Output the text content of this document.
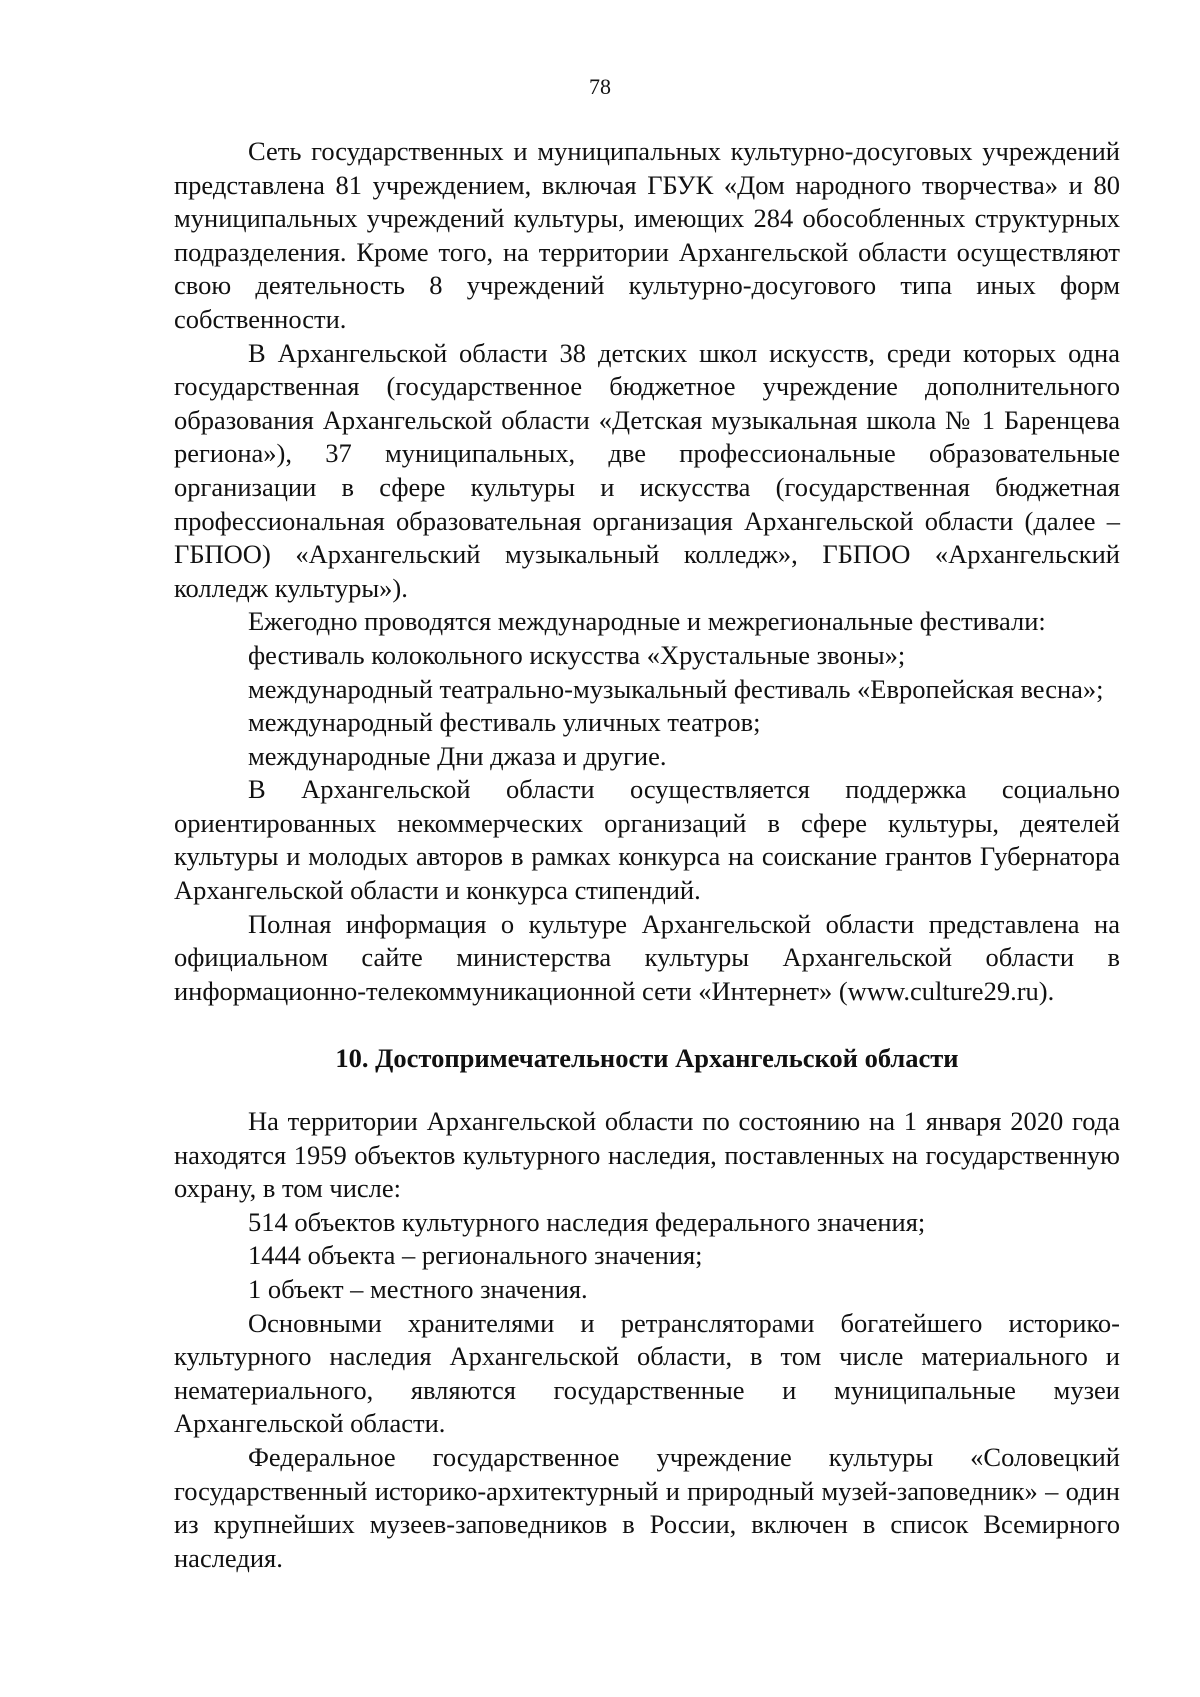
78

Сеть государственных и муниципальных культурно-досуговых учреждений представлена 81 учреждением, включая ГБУК «Дом народного творчества» и 80 муниципальных учреждений культуры, имеющих 284 обособленных структурных подразделения. Кроме того, на территории Архангельской области осуществляют свою деятельность 8 учреждений культурно-досугового типа иных форм собственности.

В Архангельской области 38 детских школ искусств, среди которых одна государственная (государственное бюджетное учреждение дополнительного образования Архангельской области «Детская музыкальная школа № 1 Баренцева региона»), 37 муниципальных, две профессиональные образовательные организации в сфере культуры и искусства (государственная бюджетная профессиональная образовательная организация Архангельской области (далее – ГБПОО) «Архангельский музыкальный колледж», ГБПОО «Архангельский колледж культуры»).

Ежегодно проводятся международные и межрегиональные фестивали:

фестиваль колокольного искусства «Хрустальные звоны»;

международный театрально-музыкальный фестиваль «Европейская весна»;

международный фестиваль уличных театров;

международные Дни джаза и другие.

В Архангельской области осуществляется поддержка социально ориентированных некоммерческих организаций в сфере культуры, деятелей культуры и молодых авторов в рамках конкурса на соискание грантов Губернатора Архангельской области и конкурса стипендий.

Полная информация о культуре Архангельской области представлена на официальном сайте министерства культуры Архангельской области в информационно-телекоммуникационной сети «Интернет» (www.culture29.ru).

10. Достопримечательности Архангельской области

На территории Архангельской области по состоянию на 1 января 2020 года находятся 1959 объектов культурного наследия, поставленных на государственную охрану, в том числе:

514 объектов культурного наследия федерального значения;

1444 объекта – регионального значения;

1 объект – местного значения.

Основными хранителями и ретрансляторами богатейшего историко-культурного наследия Архангельской области, в том числе материального и нематериального, являются государственные и муниципальные музеи Архангельской области.

Федеральное государственное учреждение культуры «Соловецкий государственный историко-архитектурный и природный музей-заповедник» – один из крупнейших музеев-заповедников в России, включен в список Всемирного наследия.
